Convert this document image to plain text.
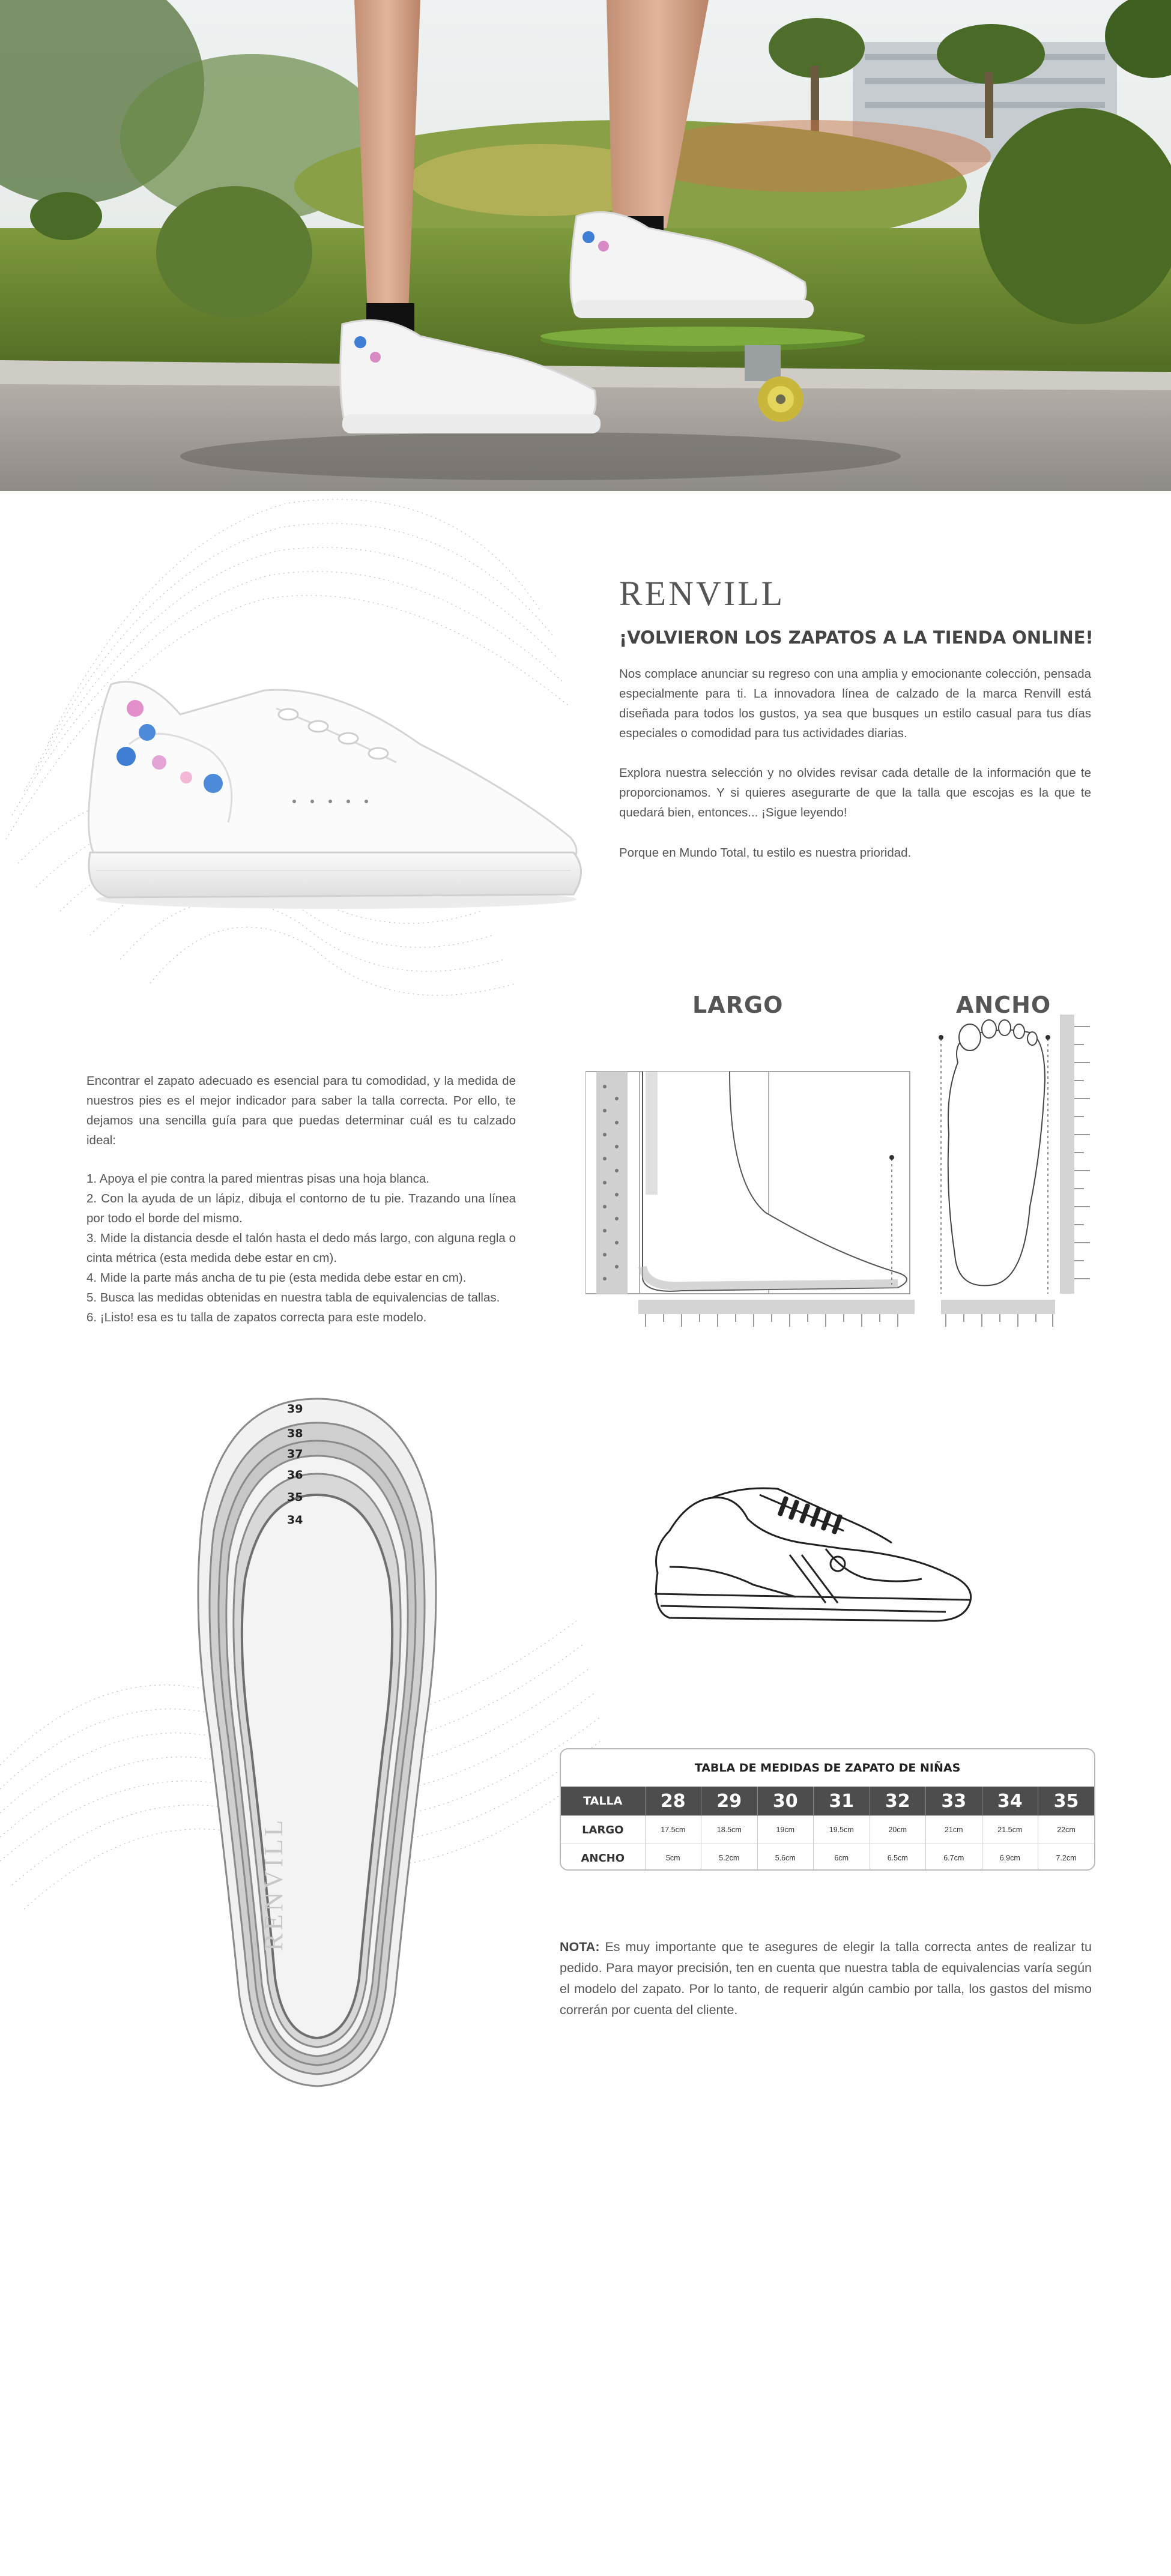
RENVILL
¡VOLVIERON LOS ZAPATOS A LA TIENDA ONLINE!

Nos complace anunciar su regreso con una amplia y emocionante colección, pensada especialmente para ti. La innovadora línea de calzado de la marca Renvill está diseñada para todos los gustos, ya sea que busques un estilo casual para tus días especiales o comodidad para tus actividades diarias.

Explora nuestra selección y no olvides revisar cada detalle de la información que te proporcionamos. Y si quieres asegurarte de que la talla que escojas es la que te quedará bien, entonces... ¡Sigue leyendo!

Porque en Mundo Total, tu estilo es nuestra prioridad.

LARGO	ANCHO

Encontrar el zapato adecuado es esencial para tu comodidad, y la medida de nuestros pies es el mejor indicador para saber la talla correcta. Por ello, te dejamos una sencilla guía para que puedas determinar cuál es tu calzado ideal:

1. Apoya el pie contra la pared mientras pisas una hoja blanca.

2. Con la ayuda de un lápiz, dibuja el contorno de tu pie. Trazando una línea por todo el borde del mismo.

3. Mide la distancia desde el talón hasta el dedo más largo, con alguna regla o cinta métrica (esta medida debe estar en cm).

4. Mide la parte más ancha de tu pie (esta medida debe estar en cm).

5. Busca las medidas obtenidas en nuestra tabla de equivalencias de tallas.

6. ¡Listo! esa es tu talla de zapatos correcta para este modelo.

39
38
37
36
35
34
RENVILL
TABLA DE MEDIDAS DE ZAPATO DE NIÑAS								
TALLA	28	29	30	31	32	33	34	35
LARGO	17.5cm	18.5cm	19cm	19.5cm	20cm	21cm	21.5cm	22cm
ANCHO	5cm	5.2cm	5.6cm	6cm	6.5cm	6.7cm	6.9cm	7.2cm

NOTA: Es muy importante que te asegures de elegir la talla correcta antes de realizar tu pedido. Para mayor precisión, ten en cuenta que nuestra tabla de equivalencias varía según el modelo del zapato. Por lo tanto, de requerir algún cambio por talla, los gastos del mismo correrán por cuenta del cliente.
